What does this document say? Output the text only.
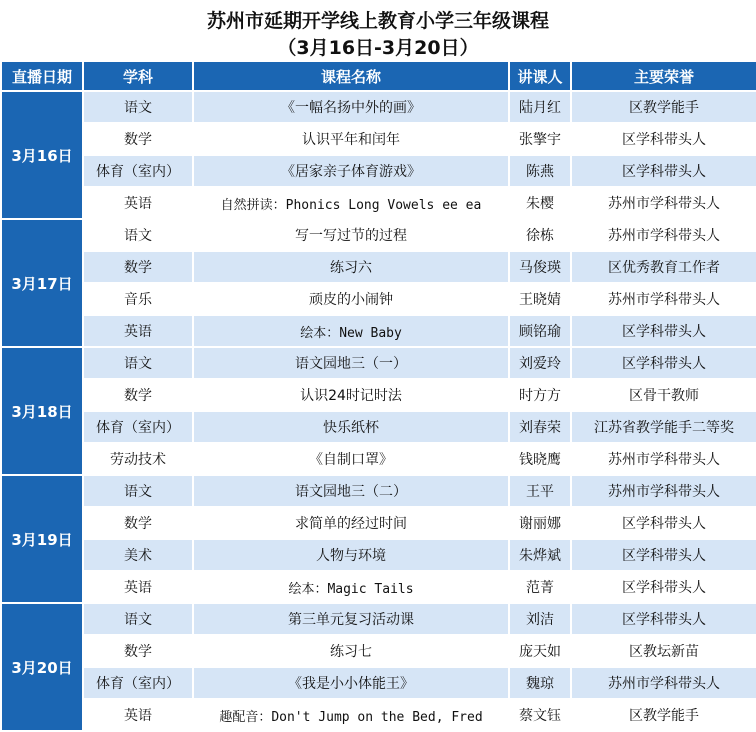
苏州市延期开学线上教育小学三年级课程
（3月16日-3月20日）
直播日期	学科	课程名称	讲课人	主要荣誉
3月16日	语文	《一幅名扬中外的画》	陆月红	区教学能手
	数学	认识平年和闰年	张擎宇	区学科带头人
	体育（室内）	《居家亲子体育游戏》	陈燕	区学科带头人
	英语	自然拼读：Phonics Long Vowels ee ea	朱樱	苏州市学科带头人
3月17日	语文	写一写过节的过程	徐栋	苏州市学科带头人
	数学	练习六	马俊瑛	区优秀教育工作者
	音乐	顽皮的小闹钟	王晓婧	苏州市学科带头人
	英语	绘本：New Baby	顾铭瑜	区学科带头人
3月18日	语文	语文园地三（一）	刘爱玲	区学科带头人
	数学	认识24时记时法	时方方	区骨干教师
	体育（室内）	快乐纸杯	刘春荣	江苏省教学能手二等奖
	劳动技术	《自制口罩》	钱晓鹰	苏州市学科带头人
3月19日	语文	语文园地三（二）	王平	苏州市学科带头人
	数学	求简单的经过时间	谢丽娜	区学科带头人
	美术	人物与环境	朱烨斌	区学科带头人
	英语	绘本：Magic Tails	范菁	区学科带头人
3月20日	语文	第三单元复习活动课	刘洁	区学科带头人
	数学	练习七	庞天如	区教坛新苗
	体育（室内）	《我是小小体能王》	魏琼	苏州市学科带头人
	英语	趣配音：Don't Jump on the Bed, Fred	蔡文钰	区教学能手
